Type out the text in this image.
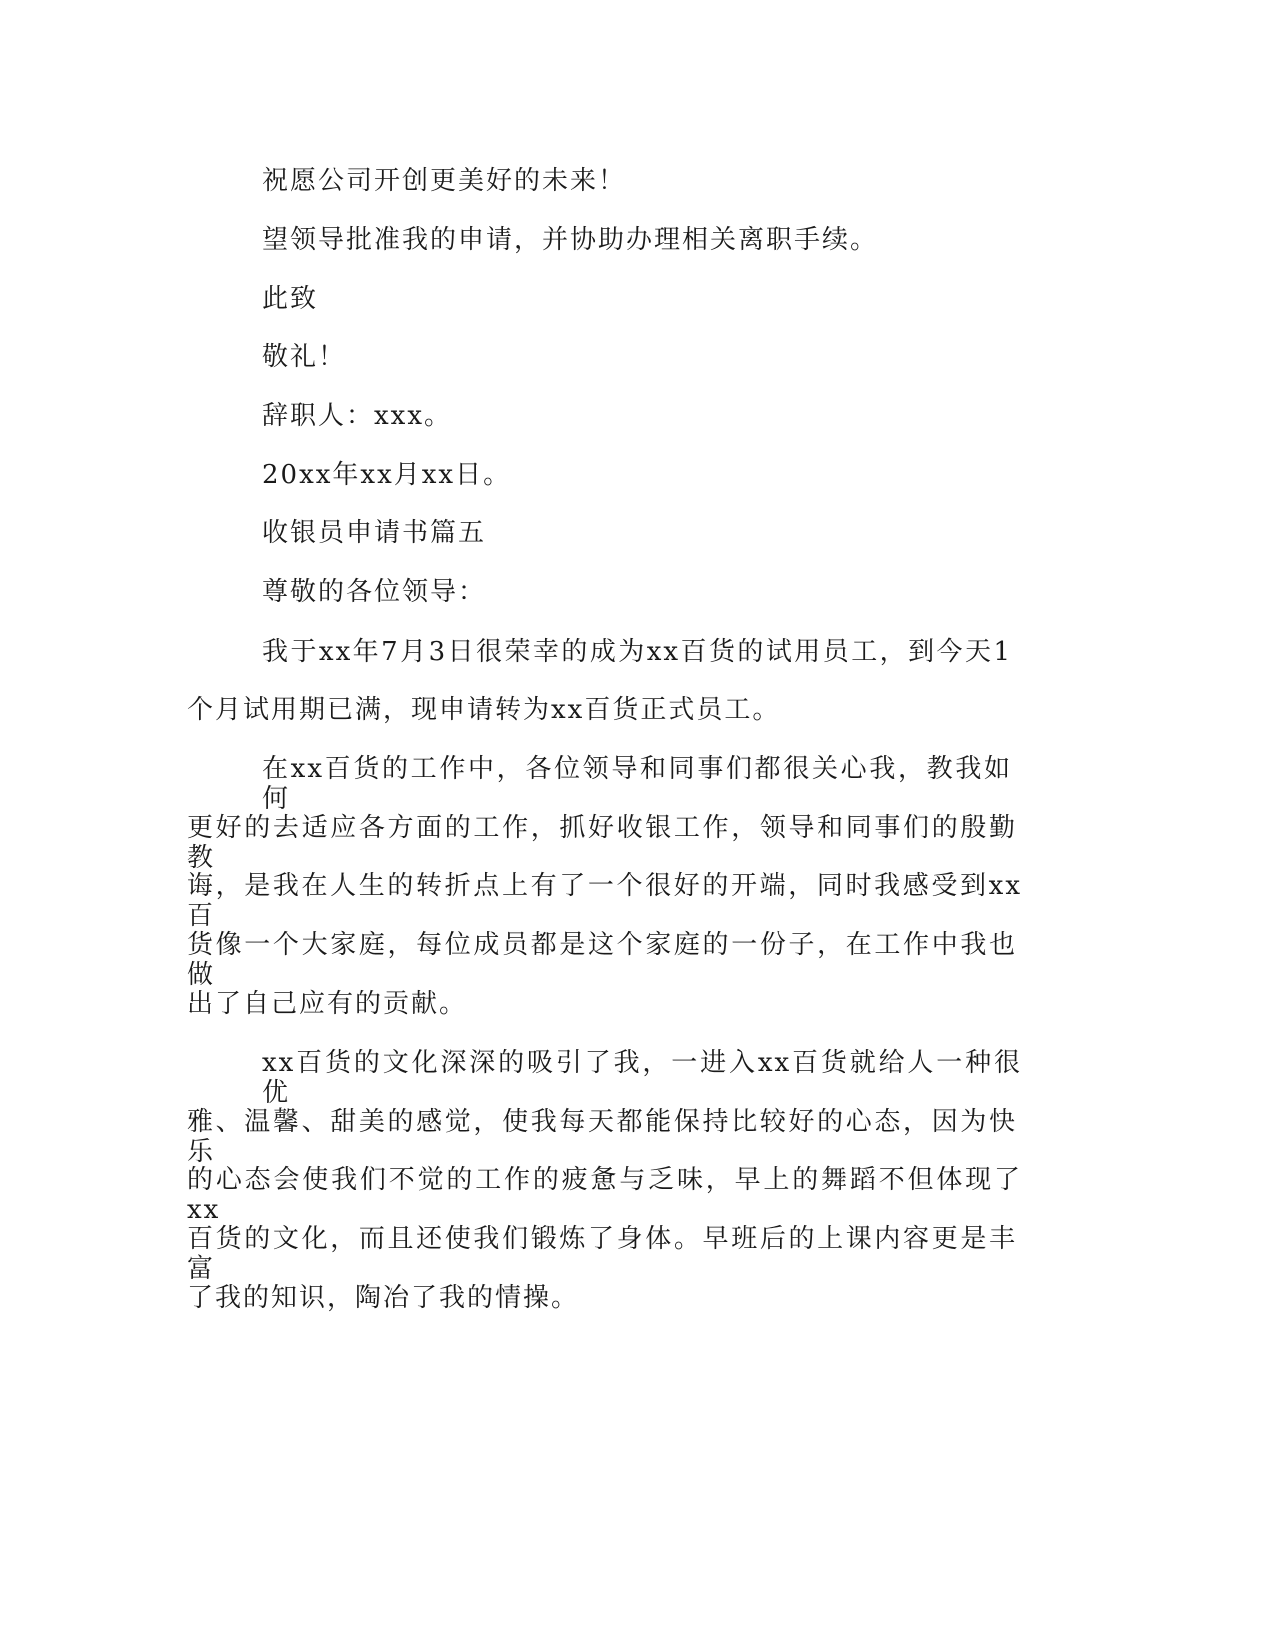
祝愿公司开创更美好的未来！
望领导批准我的申请，并协助办理相关离职手续。
此致
敬礼！
辞职人：xxx。
20xx年xx月xx日。
收银员申请书篇五
尊敬的各位领导：
我于xx年7月3日很荣幸的成为xx百货的试用员工，到今天1
个月试用期已满，现申请转为xx百货正式员工。
在xx百货的工作中，各位领导和同事们都很关心我，教我如何
更好的去适应各方面的工作，抓好收银工作，领导和同事们的殷勤教
诲，是我在人生的转折点上有了一个很好的开端，同时我感受到xx百
货像一个大家庭，每位成员都是这个家庭的一份子，在工作中我也做
出了自己应有的贡献。
xx百货的文化深深的吸引了我，一进入xx百货就给人一种很优
雅、温馨、甜美的感觉，使我每天都能保持比较好的心态，因为快乐
的心态会使我们不觉的工作的疲惫与乏味，早上的舞蹈不但体现了xx
百货的文化，而且还使我们锻炼了身体。早班后的上课内容更是丰富
了我的知识，陶冶了我的情操。
